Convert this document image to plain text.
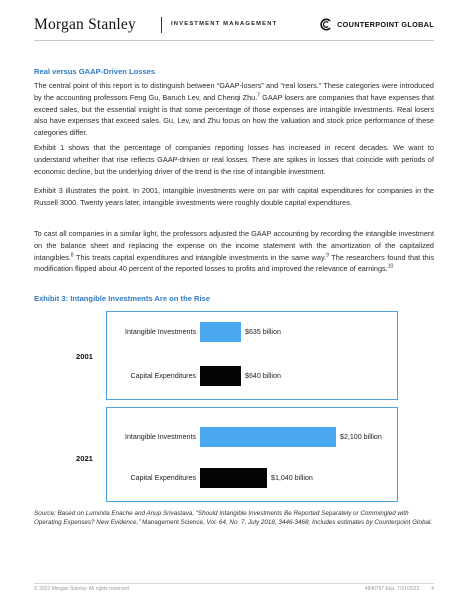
Morgan Stanley	INVESTMENT MANAGEMENT	COUNTERPOINT GLOBAL
Real versus GAAP-Driven Losses
The central point of this report is to distinguish between “GAAP-losers” and “real losers.” These categories were introduced by the accounting professors Feng Gu, Baruch Lev, and Chenqi Zhu.$^7$ GAAP losers are companies that have expenses that exceed sales, but the essential insight is that some percentage of those expenses are intangible investments. Real losers also have expenses that exceed sales. Gu, Lev, and Zhu focus on how the valuation and stock price performance of these categories differ.
Exhibit 1 shows that the percentage of companies reporting losses has increased in recent decades. We want to understand whether that rise reflects GAAP-driven or real losses. There are spikes in losses that coincide with periods of economic decline, but the underlying driver of the trend is the rise of intangible investment.
Exhibit 3 illustrates the point. In 2001, intangible investments were on par with capital expenditures for companies in the Russell 3000. Twenty years later, intangible investments were roughly double capital expenditures.
To cast all companies in a similar light, the professors adjusted the GAAP accounting by recording the intangible investment on the balance sheet and replacing the expense on the income statement with the amortization of the capitalized intangibles.$^8$ This treats capital expenditures and intangible investments in the same way.$^9$ The researchers found that this modification flipped about 40 percent of the reported losses to profits and improved the relevance of earnings.$^{10}$
Exhibit 3: Intangible Investments Are on the Rise
2001
2021
Intangible Investments	$635 billion
Capital Expenditures	$640 billion
Intangible Investments	$2,100 billion
Capital Expenditures	$1,040 billion
Source: Based on Luminita Enache and Anup Srivastava, “Should Intangible Investments Be Reported Separately or Commingled with Operating Expenses? New Evidence,” Management Science, Vol. 64, No. 7, July 2018, 3446-3468; Includes estimates by Counterpoint Global.
© 2022 Morgan Stanley. All rights reserved.	4840797 Exp. 7/31/2023 4
